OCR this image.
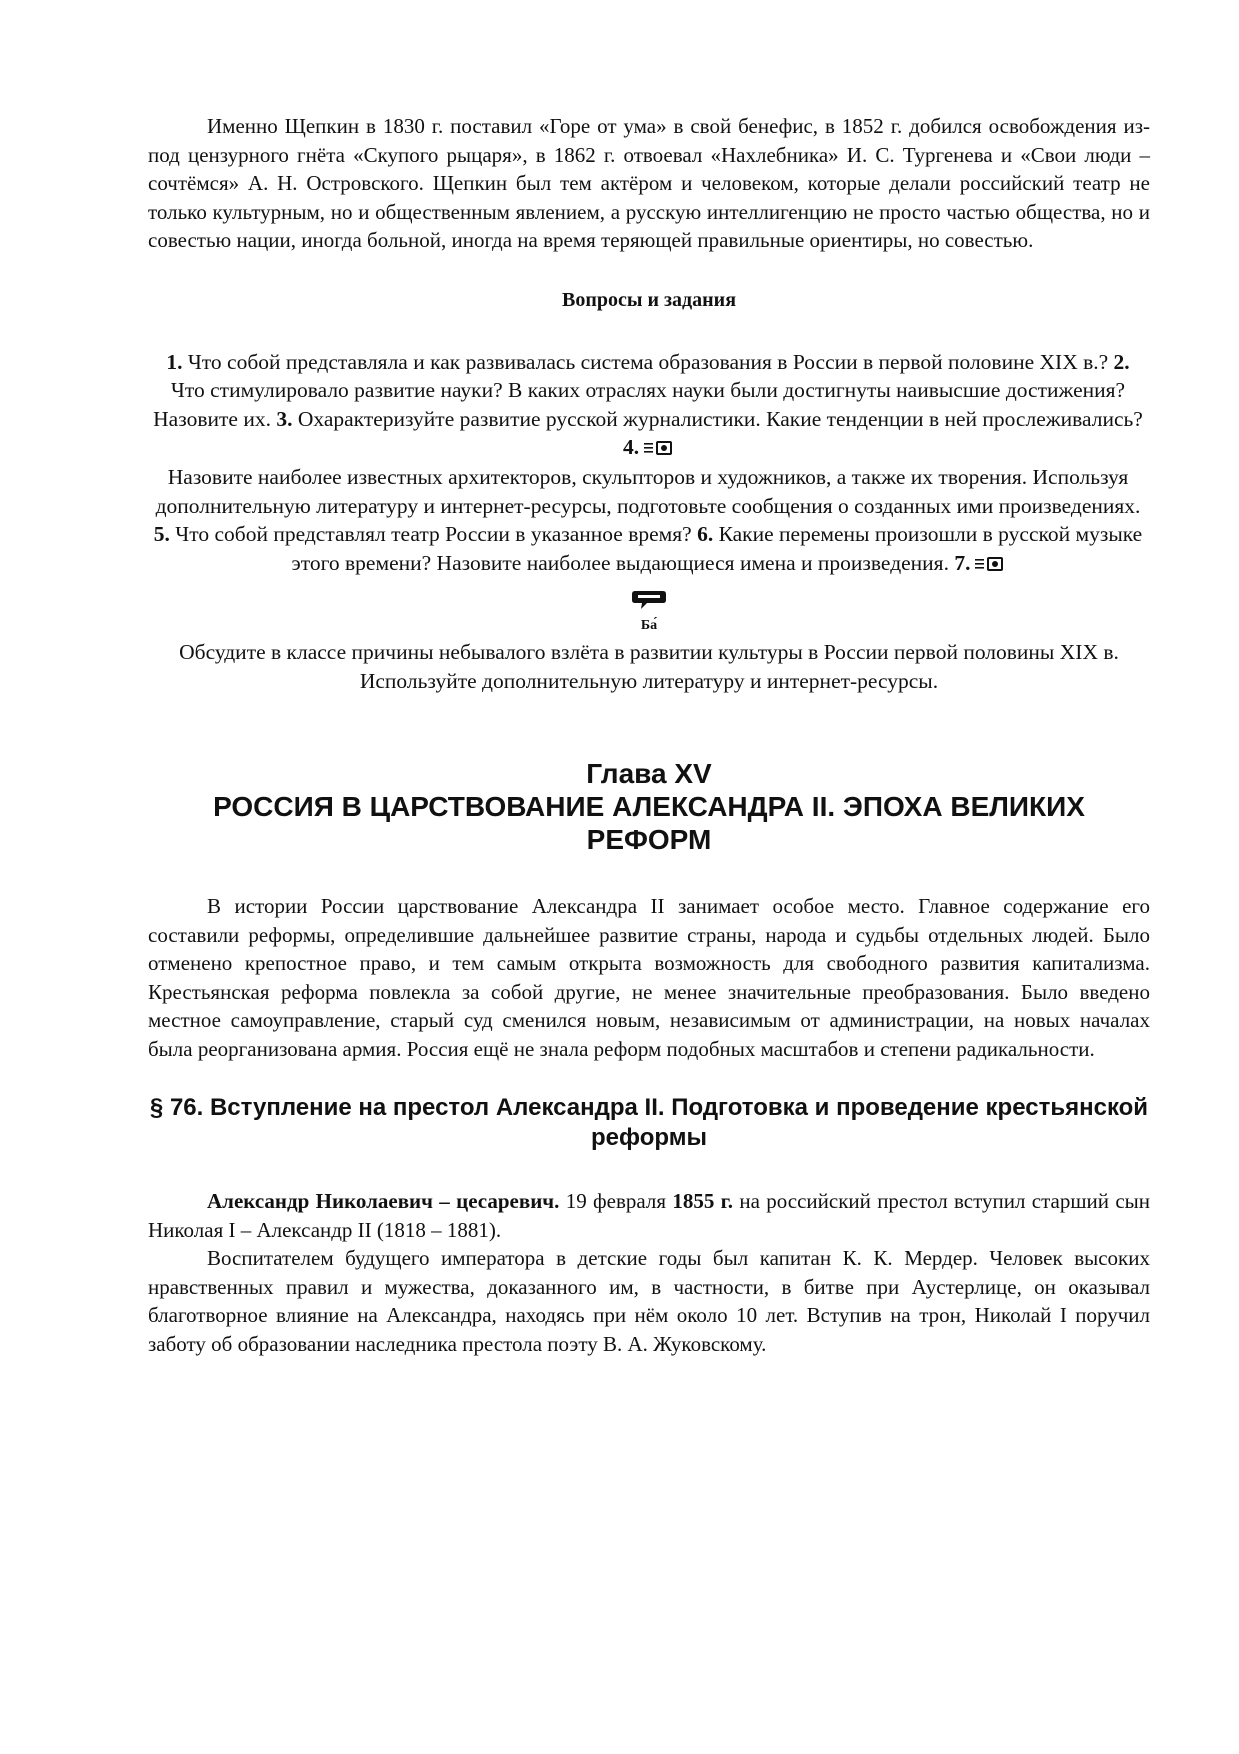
Именно Щепкин в 1830 г. поставил «Горе от ума» в свой бенефис, в 1852 г. добился освобождения из-под цензурного гнёта «Скупого рыцаря», в 1862 г. отвоевал «Нахлебника» И. С. Тургенева и «Свои люди – сочтёмся» А. Н. Островского. Щепкин был тем актёром и человеком, которые делали российский театр не только культурным, но и общественным явлением, а русскую интеллигенцию не просто частью общества, но и совестью нации, иногда больной, иногда на время теряющей правильные ориентиры, но совестью.

Вопросы и задания

1. Что собой представляла и как развивалась система образования в России в первой половине XIX в.? 2. Что стимулировало развитие науки? В каких отраслях науки были достигнуты наивысшие достижения? Назовите их. 3. Охарактеризуйте развитие русской журналистики. Какие тенденции в ней прослеживались? 4.
Назовите наиболее известных архитекторов, скульпторов и художников, а также их творения. Используя дополнительную литературу и интернет-ресурсы, подготовьте сообщения о созданных ими произведениях. 5. Что собой представлял театр России в указанное время? 6. Какие перемены произошли в русской музыке этого времени? Назовите наиболее выдающиеся имена и произведения. 7.

Ба́

Обсудите в классе причины небывалого взлёта в развитии культуры в России первой половины XIX в. Используйте дополнительную литературу и интернет-ресурсы.

Глава XV
РОССИЯ В ЦАРСТВОВАНИЕ АЛЕКСАНДРА II. ЭПОХА ВЕЛИКИХ РЕФОРМ

В истории России царствование Александра II занимает особое место. Главное содержание его составили реформы, определившие дальнейшее развитие страны, народа и судьбы отдельных людей. Было отменено крепостное право, и тем самым открыта возможность для свободного развития капитализма. Крестьянская реформа повлекла за собой другие, не менее значительные преобразования. Было введено местное самоуправление, старый суд сменился новым, независимым от администрации, на новых началах была реорганизована армия. Россия ещё не знала реформ подобных масштабов и степени радикальности.

§ 76. Вступление на престол Александра II. Подготовка и проведение крестьянской реформы

Александр Николаевич – цесаревич. 19 февраля 1855 г. на российский престол вступил старший сын Николая I – Александр II (1818 – 1881).

Воспитателем будущего императора в детские годы был капитан К. К. Мердер. Человек высоких нравственных правил и мужества, доказанного им, в частности, в битве при Аустерлице, он оказывал благотворное влияние на Александра, находясь при нём около 10 лет. Вступив на трон, Николай I поручил заботу об образовании наследника престола поэту В. А. Жуковскому.
